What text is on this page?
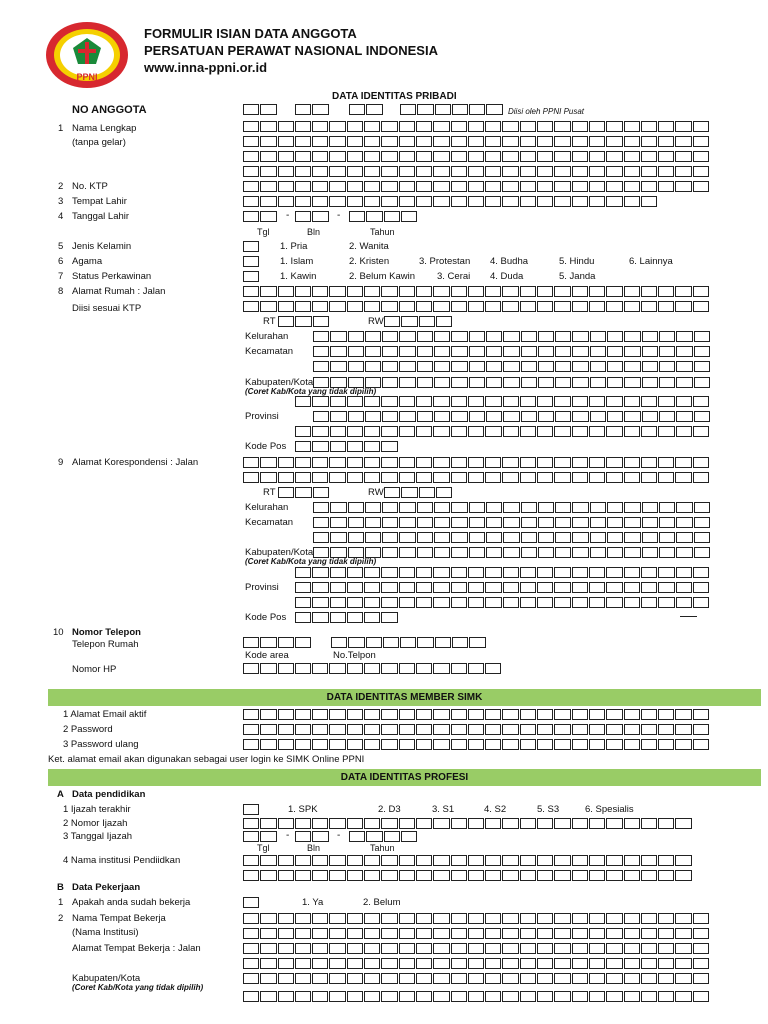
PPNI
FORMULIR ISIAN DATA ANGGOTA
PERSATUAN PERAWAT NASIONAL INDONESIA
www.inna-ppni.or.id
DATA IDENTITAS PRIBADI
NO ANGGOTA	Diisi oleh PPNI Pusat
1 Nama Lengkap
(tanpa gelar)
2 No. KTP
3 Tempat Lahir
4 Tanggal Lahir	-	-
Tgl	Bln	Tahun
5 Jenis Kelamin	1. Pria	2. Wanita
6 Agama	1. Islam	2. Kristen	3. Protestan 4. Budha	5. Hindu	6. Lainnya
7 Status Perkawinan	1. Kawin	2. Belum Kawin 3. Cerai 4. Duda	5. Janda
8 Alamat Rumah : Jalan
Diisi sesuai KTP
RT	RW
Kelurahan
Kecamatan
Kabupaten/Kota
(Coret Kab/Kota yang tidak dipilih)
Provinsi
Kode Pos
9 Alamat Korespondensi : Jalan
RT	RW
Kelurahan
Kecamatan
Kabupaten/Kota
(Coret Kab/Kota yang tidak dipilih)
Provinsi
Kode Pos
10 Nomor Telepon
Telepon Rumah
Kode area	No.Telpon
Nomor HP
DATA IDENTITAS MEMBER SIMK
1 Alamat Email aktif
2 Password
3 Password ulang
Ket. alamat email akan digunakan sebagai user login ke SIMK Online PPNI
DATA IDENTITAS PROFESI
A Data pendidikan
1 Ijazah terakhir	1. SPK	2. D3	3. S1	4. S2	5. S3	6. Spesialis
2 Nomor Ijazah
3 Tanggal Ijazah	-	-
Tgl	Bln	Tahun
4 Nama institusi Pendiidkan
B Data Pekerjaan
1 Apakah anda sudah bekerja	1. Ya	2. Belum
2 Nama Tempat Bekerja
(Nama Institusi)
Alamat Tempat Bekerja : Jalan
Kabupaten/Kota
(Coret Kab/Kota yang tidak dipilih)
